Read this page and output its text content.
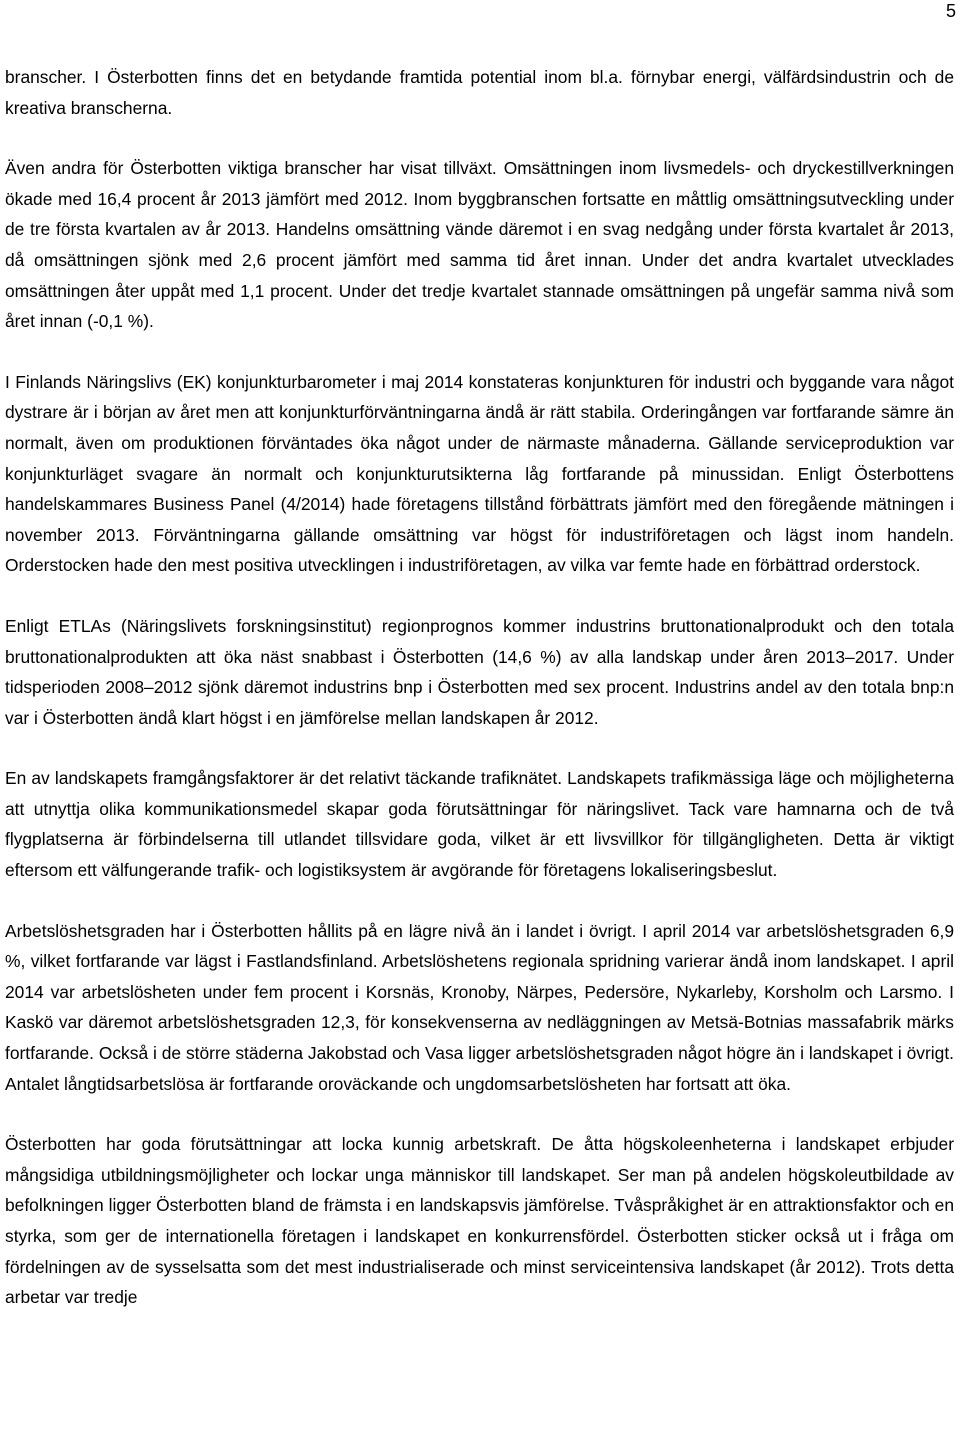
5

branscher. I Österbotten finns det en betydande framtida potential inom bl.a. förnybar energi, välfärdsindustrin och de kreativa branscherna.

Även andra för Österbotten viktiga branscher har visat tillväxt. Omsättningen inom livsmedels- och dryckestillverkningen ökade med 16,4 procent år 2013 jämfört med 2012. Inom byggbranschen fortsatte en måttlig omsättningsutveckling under de tre första kvartalen av år 2013. Handelns omsättning vände däremot i en svag nedgång under första kvartalet år 2013, då omsättningen sjönk med 2,6 procent jämfört med samma tid året innan. Under det andra kvartalet utvecklades omsättningen åter uppåt med 1,1 procent. Under det tredje kvartalet stannade omsättningen på ungefär samma nivå som året innan (-0,1 %).

I Finlands Näringslivs (EK) konjunkturbarometer i maj 2014 konstateras konjunkturen för industri och byggande vara något dystrare är i början av året men att konjunkturförväntningarna ändå är rätt stabila. Orderingången var fortfarande sämre än normalt, även om produktionen förväntades öka något under de närmaste månaderna. Gällande serviceproduktion var konjunkturläget svagare än normalt och konjunkturutsikterna låg fortfarande på minussidan. Enligt Österbottens handelskammares Business Panel (4/2014) hade företagens tillstånd förbättrats jämfört med den föregående mätningen i november 2013. Förväntningarna gällande omsättning var högst för industriföretagen och lägst inom handeln. Orderstocken hade den mest positiva utvecklingen i industriföretagen, av vilka var femte hade en förbättrad orderstock.

Enligt ETLAs (Näringslivets forskningsinstitut) regionprognos kommer industrins bruttonationalprodukt och den totala bruttonationalprodukten att öka näst snabbast i Österbotten (14,6 %) av alla landskap under åren 2013–2017. Under tidsperioden 2008–2012 sjönk däremot industrins bnp i Österbotten med sex procent. Industrins andel av den totala bnp:n var i Österbotten ändå klart högst i en jämförelse mellan landskapen år 2012.

En av landskapets framgångsfaktorer är det relativt täckande trafiknätet. Landskapets trafikmässiga läge och möjligheterna att utnyttja olika kommunikationsmedel skapar goda förutsättningar för näringslivet. Tack vare hamnarna och de två flygplatserna är förbindelserna till utlandet tillsvidare goda, vilket är ett livsvillkor för tillgängligheten. Detta är viktigt eftersom ett välfungerande trafik- och logistiksystem är avgörande för företagens lokaliseringsbeslut.

Arbetslöshetsgraden har i Österbotten hållits på en lägre nivå än i landet i övrigt. I april 2014 var arbetslöshetsgraden 6,9 %, vilket fortfarande var lägst i Fastlandsfinland. Arbetslöshetens regionala spridning varierar ändå inom landskapet. I april 2014 var arbetslösheten under fem procent i Korsnäs, Kronoby, Närpes, Pedersöre, Nykarleby, Korsholm och Larsmo. I Kaskö var däremot arbetslöshetsgraden 12,3, för konsekvenserna av nedläggningen av Metsä-Botnias massafabrik märks fortfarande. Också i de större städerna Jakobstad och Vasa ligger arbetslöshetsgraden något högre än i landskapet i övrigt. Antalet långtidsarbetslösa är fortfarande oroväckande och ungdomsarbetslösheten har fortsatt att öka.

Österbotten har goda förutsättningar att locka kunnig arbetskraft. De åtta högskoleenheterna i landskapet erbjuder mångsidiga utbildningsmöjligheter och lockar unga människor till landskapet. Ser man på andelen högskoleutbildade av befolkningen ligger Österbotten bland de främsta i en landskapsvis jämförelse. Tvåspråkighet är en attraktionsfaktor och en styrka, som ger de internationella företagen i landskapet en konkurrensfördel. Österbotten sticker också ut i fråga om fördelningen av de sysselsatta som det mest industrialiserade och minst serviceintensiva landskapet (år 2012). Trots detta arbetar var tredje
